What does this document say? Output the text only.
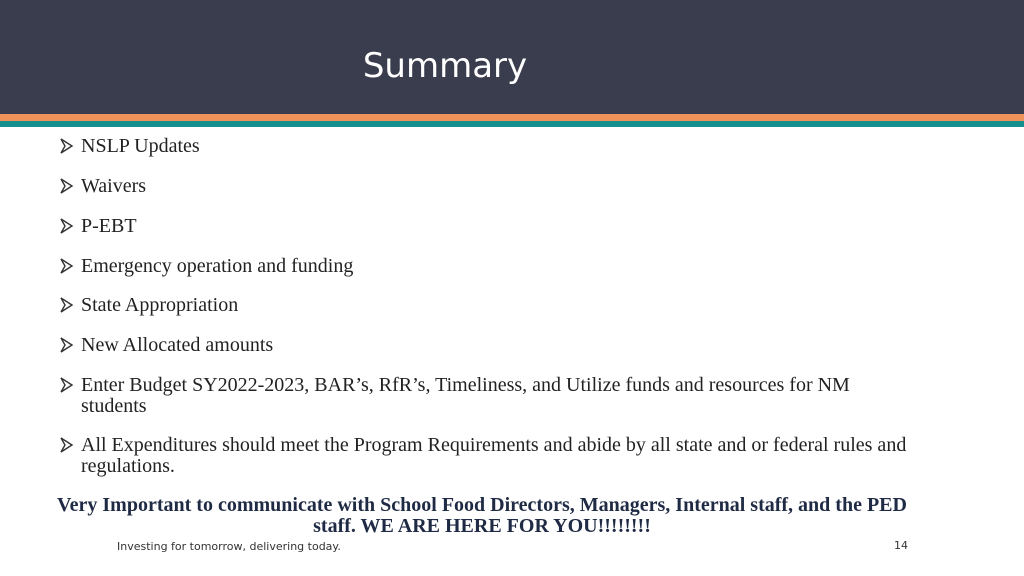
Summary
NSLP Updates
Waivers
P-EBT
Emergency operation and funding
State Appropriation
New Allocated amounts
Enter Budget SY2022-2023, BAR’s, RfR’s, Timeliness, and Utilize funds and resources for NM students
All Expenditures should meet the Program Requirements and abide by all state and or federal rules and regulations.
Very Important to communicate with School Food Directors, Managers, Internal staff, and the PED staff. WE ARE HERE FOR YOU!!!!!!!!
Investing for tomorrow, delivering today.	14
